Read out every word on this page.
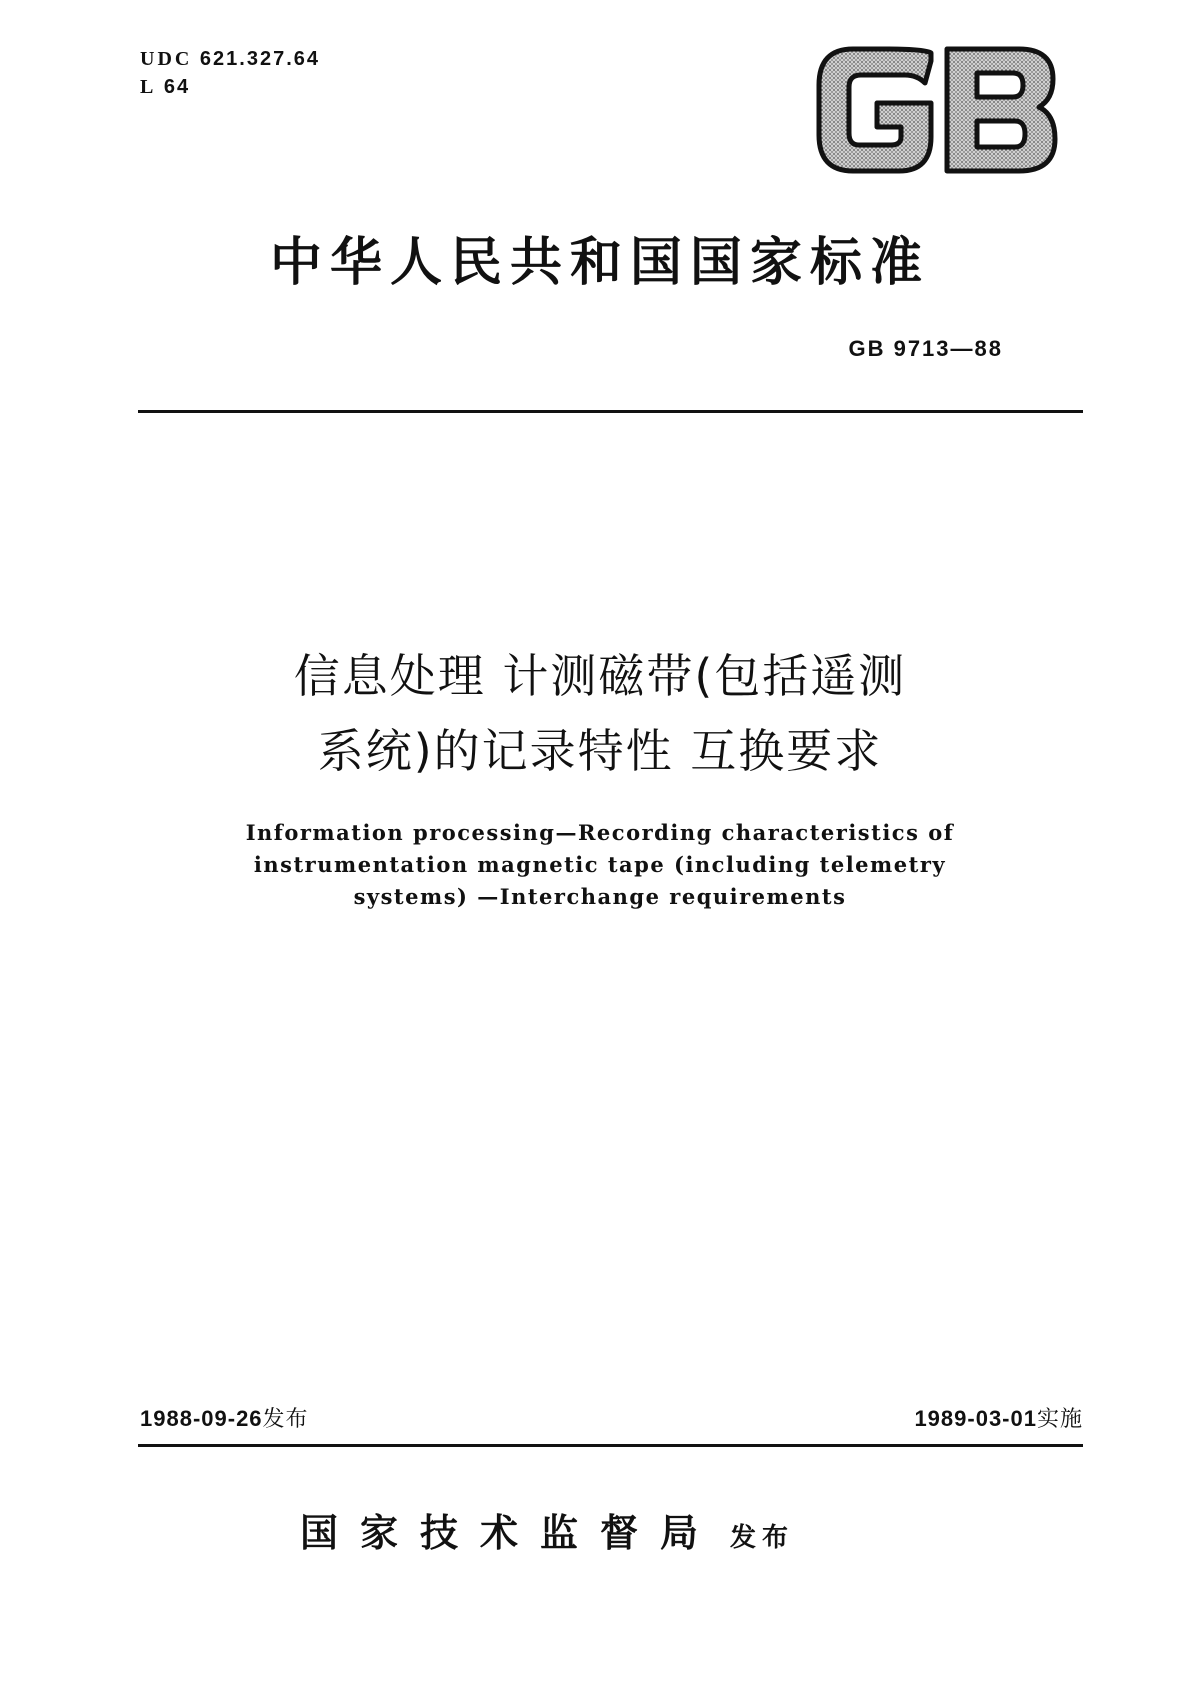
UDC 621.327.64
L 64
中华人民共和国国家标准
GB 9713—88
信息处理 计测磁带(包括遥测
系统)的记录特性 互换要求
Information processing—Recording characteristics of
instrumentation magnetic tape (including telemetry
systems) —Interchange requirements
1988-09-26发布	1989-03-01实施
国家技术监督局 发布
